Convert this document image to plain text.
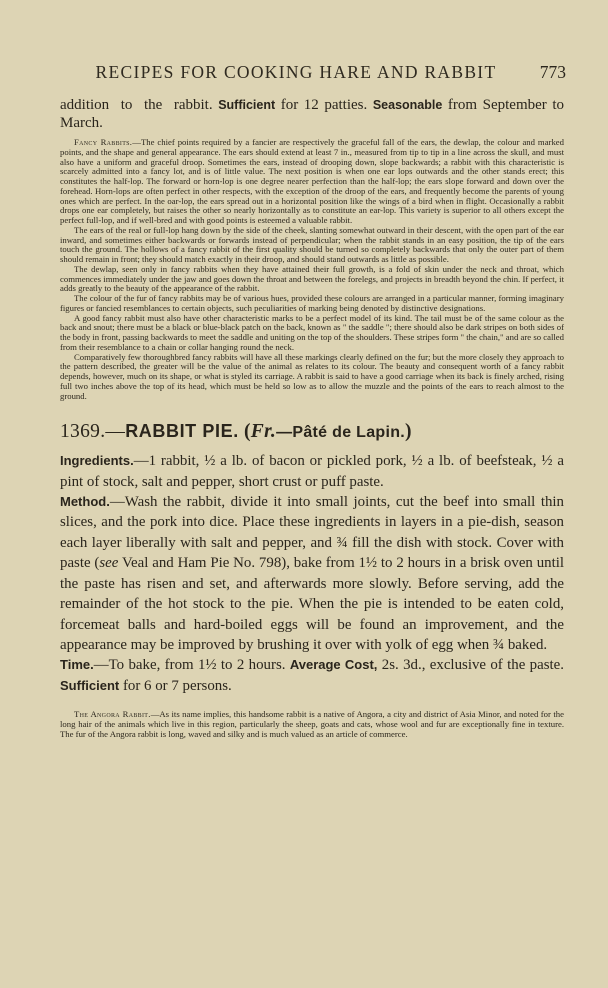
RECIPES FOR COOKING HARE AND RABBIT	773

addition to the rabbit. Sufficient for 12 patties. Seasonable from September to March.

Fancy Rabbits.—The chief points required by a fancier are respectively the graceful fall of the ears, the dewlap, the colour and marked points, and the shape and general appearance. The ears should extend at least 7 in., measured from tip to tip in a line across the skull, and must also have a uniform and graceful droop. Sometimes the ears, instead of drooping down, slope backwards; a rabbit with this characteristic is scarcely admitted into a fancy lot, and is of little value. The next position is when one ear lops outwards and the other stands erect; this constitutes the half-lop. The forward or horn-lop is one degree nearer perfection than the half-lop; the ears slope forward and down over the forehead. Horn-lops are often perfect in other respects, with the exception of the droop of the ears, and frequently become the parents of young ones which are perfect. In the oar-lop, the ears spread out in a horizontal position like the wings of a bird when in flight. Occasionally a rabbit drops one ear completely, but raises the other so nearly horizontally as to constitute an ear-lop. This variety is superior to all others except the perfect full-lop, and if well-bred and with good points is esteemed a valuable rabbit.

The ears of the real or full-lop hang down by the side of the cheek, slanting somewhat outward in their descent, with the open part of the ear inward, and sometimes either backwards or forwards instead of perpendicular; when the rabbit stands in an easy position, the tip of the ears touch the ground. The hollows of a fancy rabbit of the first quality should be turned so completely backwards that only the outer part of them should remain in front; they should match exactly in their droop, and should stand outwards as little as possible.

The dewlap, seen only in fancy rabbits when they have attained their full growth, is a fold of skin under the neck and throat, which commences immediately under the jaw and goes down the throat and between the forelegs, and projects in breadth beyond the chin. If perfect, it adds greatly to the beauty of the appearance of the rabbit.

The colour of the fur of fancy rabbits may be of various hues, provided these colours are arranged in a particular manner, forming imaginary figures or fancied resemblances to certain objects, such peculiarities of marking being denoted by distinctive designations.

A good fancy rabbit must also have other characteristic marks to be a perfect model of its kind. The tail must be of the same colour as the back and snout; there must be a black or blue-black patch on the back, known as " the saddle "; there should also be dark stripes on both sides of the body in front, passing backwards to meet the saddle and uniting on the top of the shoulders. These stripes form " the chain," and are so called from their resemblance to a chain or collar hanging round the neck.

Comparatively few thoroughbred fancy rabbits will have all these markings clearly defined on the fur; but the more closely they approach to the pattern described, the greater will be the value of the animal as relates to its colour. The beauty and consequent worth of a fancy rabbit depends, however, much on its shape, or what is styled its carriage. A rabbit is said to have a good carriage when its back is finely arched, rising full two inches above the top of its head, which must be held so low as to allow the muzzle and the points of the ears to reach almost to the ground.

1369.—RABBIT PIE. (Fr.—Pâté de Lapin.)

Ingredients.—1 rabbit, ½ a lb. of bacon or pickled pork, ½ a lb. of beefsteak, ½ a pint of stock, salt and pepper, short crust or puff paste.

Method.—Wash the rabbit, divide it into small joints, cut the beef into small thin slices, and the pork into dice. Place these ingredients in layers in a pie-dish, season each layer liberally with salt and pepper, and ¾ fill the dish with stock. Cover with paste (see Veal and Ham Pie No. 798), bake from 1½ to 2 hours in a brisk oven until the paste has risen and set, and afterwards more slowly. Before serving, add the remainder of the hot stock to the pie. When the pie is intended to be eaten cold, forcemeat balls and hard-boiled eggs will be found an improvement, and the appearance may be improved by brushing it over with yolk of egg when ¾ baked.

Time.—To bake, from 1½ to 2 hours. Average Cost, 2s. 3d., exclusive of the paste. Sufficient for 6 or 7 persons.

The Angora Rabbit.—As its name implies, this handsome rabbit is a native of Angora, a city and district of Asia Minor, and noted for the long hair of the animals which live in this region, particularly the sheep, goats and cats, whose wool and fur are exceptionally fine in texture. The fur of the Angora rabbit is long, waved and silky and is much valued as an article of commerce.
